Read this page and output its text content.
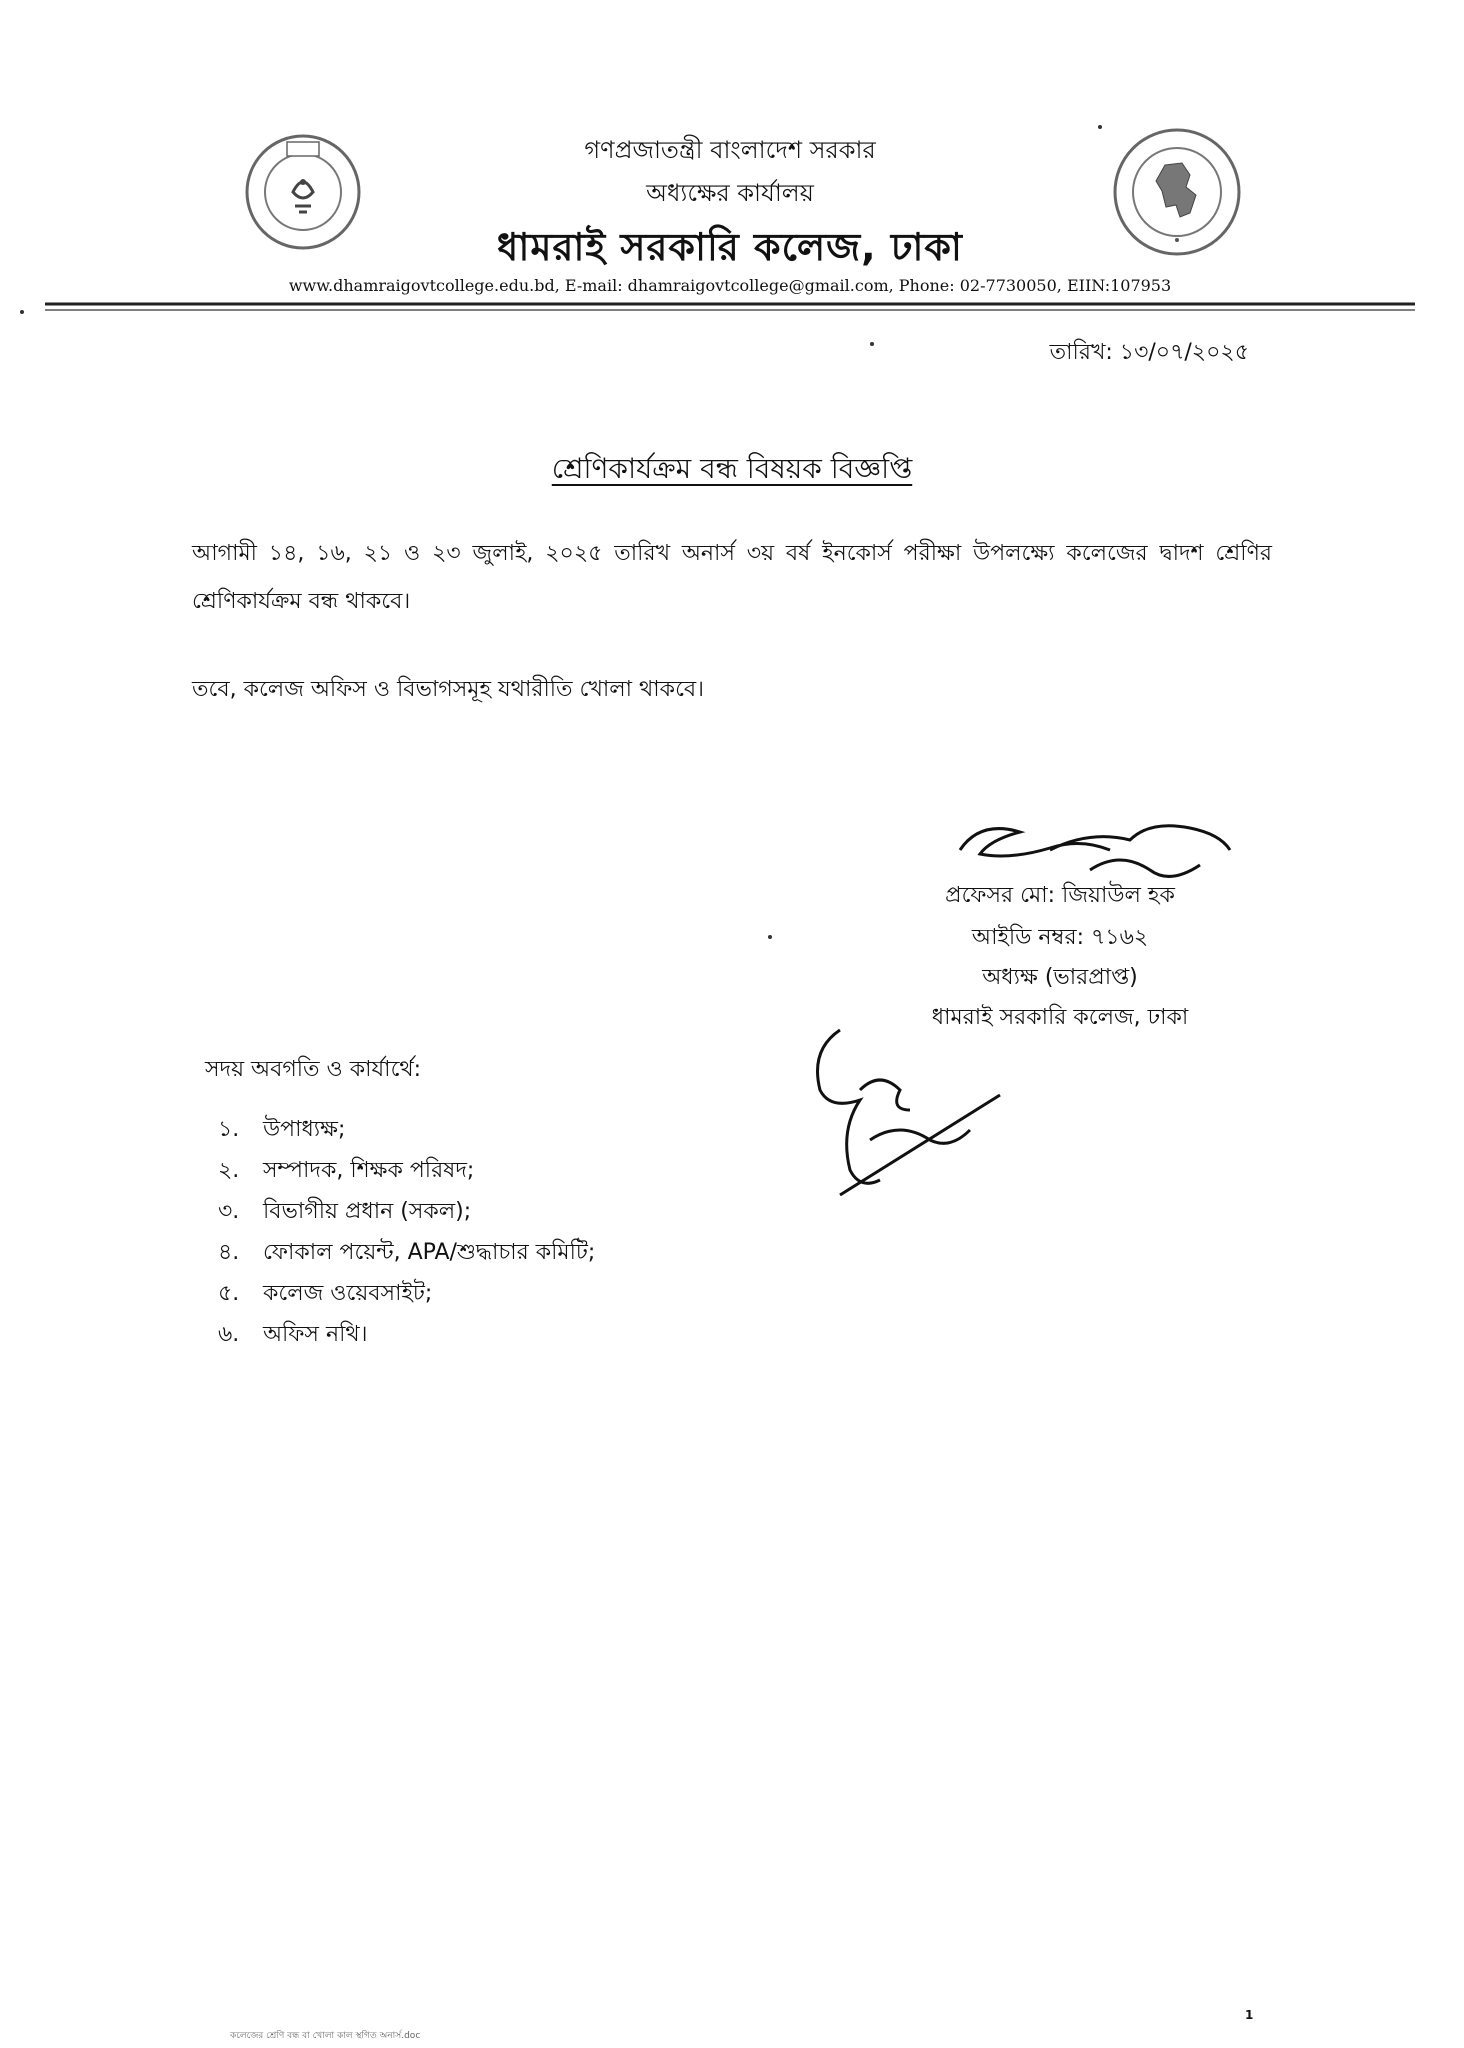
গণপ্রজাতন্ত্রী বাংলাদেশ সরকার
অধ্যক্ষের কার্যালয়
ধামরাই সরকারি কলেজ, ঢাকা
www.dhamraigovtcollege.edu.bd, E-mail: dhamraigovtcollege@gmail.com, Phone: 02-7730050, EIIN:107953
তারিখ: ১৩/০৭/২০২৫
শ্রেণিকার্যক্রম বন্ধ বিষয়ক বিজ্ঞপ্তি
আগামী ১৪, ১৬, ২১ ও ২৩ জুলাই, ২০২৫ তারিখ অনার্স ৩য় বর্ষ ইনকোর্স পরীক্ষা উপলক্ষ্যে কলেজের দ্বাদশ শ্রেণির শ্রেণিকার্যক্রম বন্ধ থাকবে।
তবে, কলেজ অফিস ও বিভাগসমূহ যথারীতি খোলা থাকবে।
প্রফেসর মো: জিয়াউল হক
আইডি নম্বর: ৭১৬২
অধ্যক্ষ (ভারপ্রাপ্ত)
ধামরাই সরকারি কলেজ, ঢাকা
সদয় অবগতি ও কার্যার্থে:
১.	উপাধ্যক্ষ;
২.	সম্পাদক, শিক্ষক পরিষদ;
৩.	বিভাগীয় প্রধান (সকল);
৪.	ফোকাল পয়েন্ট, APA/শুদ্ধাচার কমিটি;
৫.	কলেজ ওয়েবসাইট;
৬.	অফিস নথি।
1
কলেজের শ্রেণি বন্ধ বা খোলা কাল স্থগিত অনার্স.doc
